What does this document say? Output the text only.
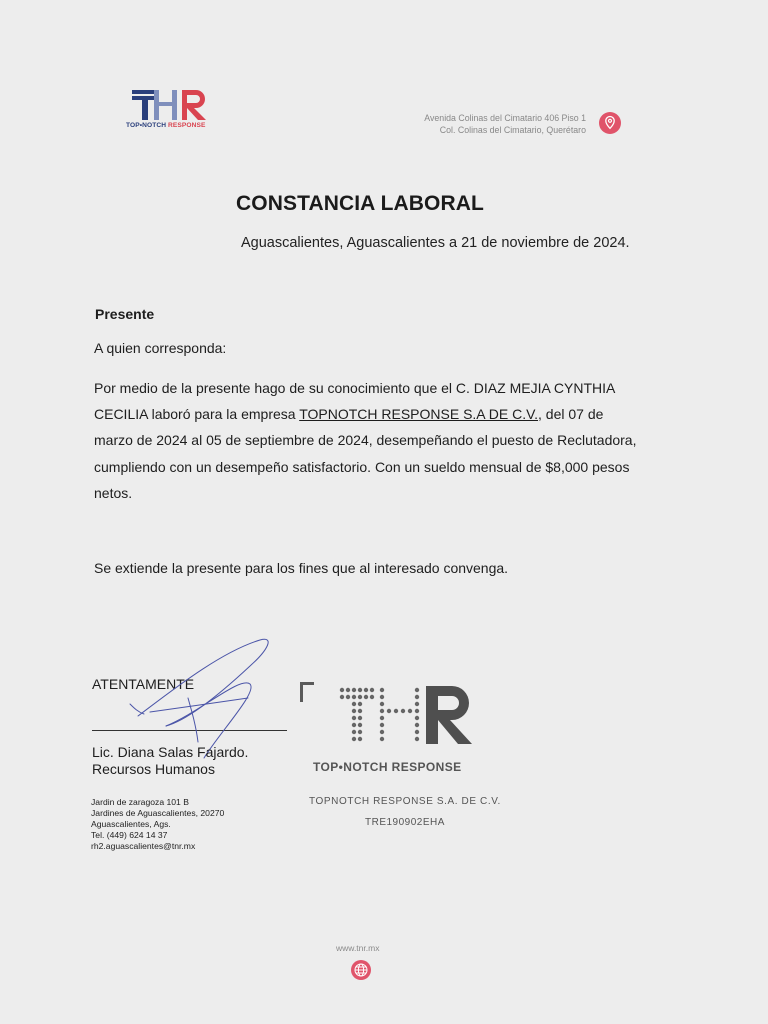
TOP•NOTCH RESPONSE
Avenida Colinas del Cimatario 406 Piso 1
Col. Colinas del Cimatario, Querétaro
CONSTANCIA LABORAL
Aguascalientes, Aguascalientes a 21 de noviembre de 2024.
Presente
A quien corresponda:
Por medio de la presente hago de su conocimiento que el C. DIAZ MEJIA CYNTHIA CECILIA laboró para la empresa TOPNOTCH RESPONSE S.A DE C.V., del 07 de marzo de 2024 al 05 de septiembre de 2024, desempeñando el puesto de Reclutadora, cumpliendo con un desempeño satisfactorio. Con un sueldo mensual de $8,000 pesos netos.
Se extiende la presente para los fines que al interesado convenga.
ATENTAMENTE
Lic. Diana Salas Fajardo.
Recursos Humanos
Jardin de zaragoza 101 B
Jardines de Aguascalientes, 20270
Aguascalientes, Ags.
Tel. (449) 624 14 37
rh2.aguascalientes@tnr.mx
TOP•NOTCH RESPONSE
TOPNOTCH RESPONSE S.A. DE C.V.
TRE190902EHA
www.tnr.mx
